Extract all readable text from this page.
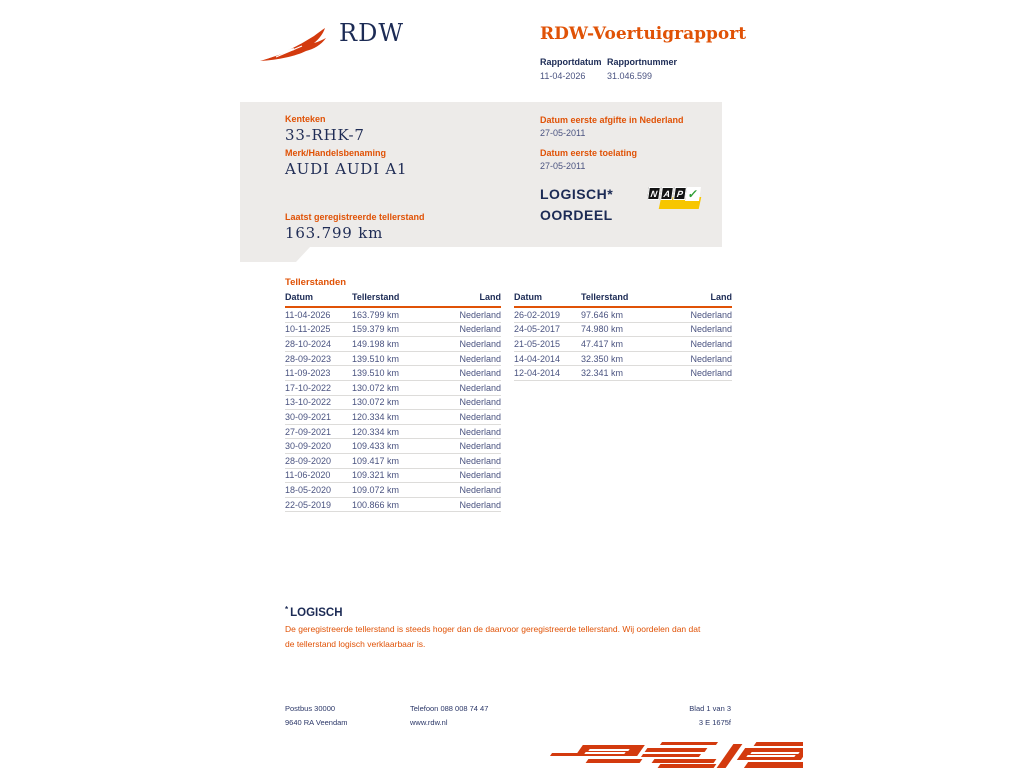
RDW	RDW-Voertuigrapport
Rapportdatum
11-04-2026
Rapportnummer
31.046.599
Kenteken
33-RHK-7
Merk/Handelsbenaming
AUDI AUDI A1
Laatst geregistreerde tellerstand
163.799 km
Datum eerste afgifte in Nederland
27-05-2011
Datum eerste toelating
27-05-2011
LOGISCH*
OORDEEL
N A P ✓
Tellerstanden
Datum	Tellerstand	Land
11-04-2026	163.799 km	Nederland
10-11-2025	159.379 km	Nederland
28-10-2024	149.198 km	Nederland
28-09-2023	139.510 km	Nederland
11-09-2023	139.510 km	Nederland
17-10-2022	130.072 km	Nederland
13-10-2022	130.072 km	Nederland
30-09-2021	120.334 km	Nederland
27-09-2021	120.334 km	Nederland
30-09-2020	109.433 km	Nederland
28-09-2020	109.417 km	Nederland
11-06-2020	109.321 km	Nederland
18-05-2020	109.072 km	Nederland
22-05-2019	100.866 km	Nederland
Datum	Tellerstand	Land
26-02-2019	97.646 km	Nederland
24-05-2017	74.980 km	Nederland
21-05-2015	47.417 km	Nederland
14-04-2014	32.350 km	Nederland
12-04-2014	32.341 km	Nederland
* LOGISCH
De geregistreerde tellerstand is steeds hoger dan de daarvoor geregistreerde tellerstand. Wij oordelen dan dat de tellerstand logisch verklaarbaar is.
Postbus 30000
9640 RA Veendam
Telefoon 088 008 74 47
www.rdw.nl
Blad 1 van 3
3 E 1675f
